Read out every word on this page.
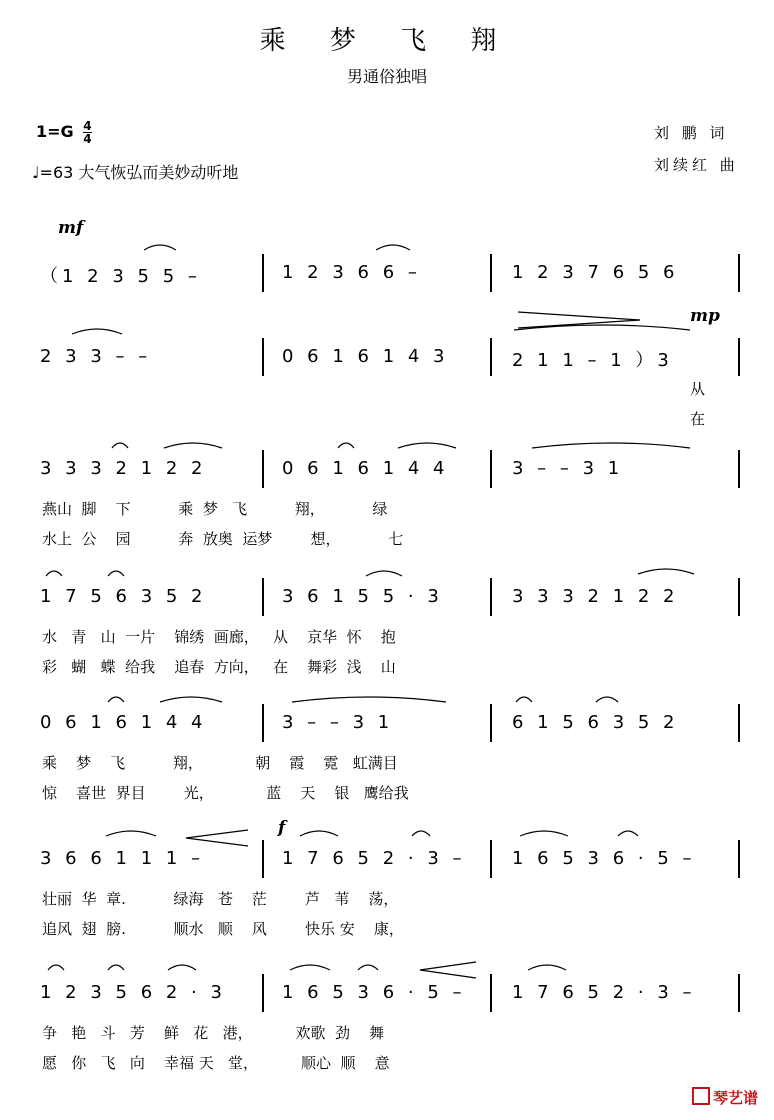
乘 梦 飞 翔
男通俗独唱
$1=G \frac{4}{4}$
♩=63 大气恢弘而美妙动听地
刘 鹏 词
刘续红 曲
mf
mp
f
（1 2 3 5 5 –	1 2 3 6 6 –	1 2 3 7 6 5 6
2 3 3 – –	0 6 1 6 1 4 3	2 1 1 – 1 ）3
从
在
3 3 3 2 1 2 2	0 6 1 6 1 4 4	3 – – 3 1
燕山  脚    下          乘  梦   飞          翔，          绿
水上  公    园          奔  放奥  运梦        想，          七
1 7 5 6 3 5 2	3 6 1 5 5 · 3	3 3 3 2 1 2 2
水   青   山  一片    锦绣  画廊，   从    京华  怀    抱
彩   蝴   蝶  给我    追春  方向，   在    舞彩  浅    山
0 6 1 6 1 4 4	3 – – 3 1	6 1 5 6 3 5 2
乘    梦    飞          翔，           朝    霞    霓   虹满目
惊    喜世  界目        光，           蓝    天    银   鹰给我
3 6 6 1 1 1 –	1 7 6 5 2 · 3 –	1 6 5 3 6 · 5 –
壮丽  华  章.          绿海   苍    茫        芦   苇    荡，
追风  翅  膀.          顺水   顺    风        快乐 安    康，
1 2 3 5 6 2 · 3	1 6 5 3 6 · 5 –	1 7 6 5 2 · 3 –
争   艳   斗   芳    鲜   花   港，         欢歌  劲    舞
愿   你   飞   向    幸福 天   堂，         顺心  顺    意
琴艺谱
